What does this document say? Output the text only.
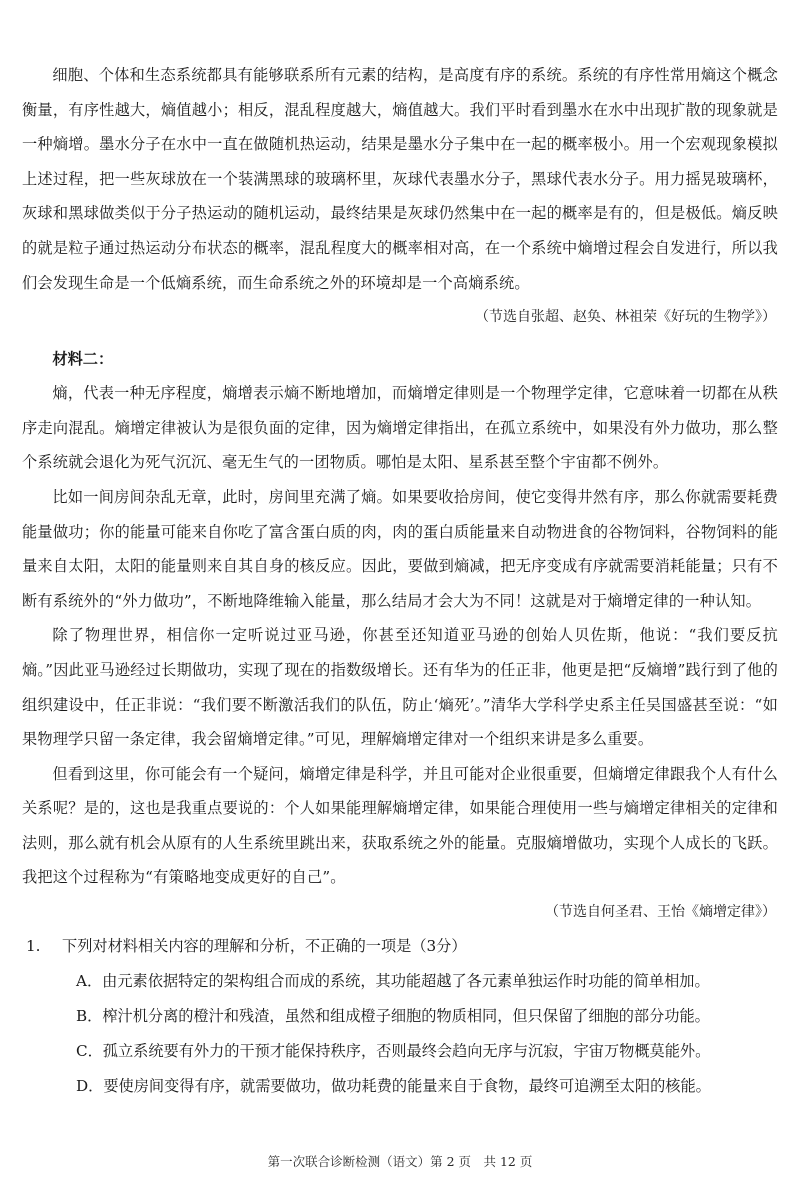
细胞、个体和生态系统都具有能够联系所有元素的结构，是高度有序的系统。系统的有序性常用熵这个概念衡量，有序性越大，熵值越小；相反，混乱程度越大，熵值越大。我们平时看到墨水在水中出现扩散的现象就是一种熵增。墨水分子在水中一直在做随机热运动，结果是墨水分子集中在一起的概率极小。用一个宏观现象模拟上述过程，把一些灰球放在一个装满黑球的玻璃杯里，灰球代表墨水分子，黑球代表水分子。用力摇晃玻璃杯，灰球和黑球做类似于分子热运动的随机运动，最终结果是灰球仍然集中在一起的概率是有的，但是极低。熵反映的就是粒子通过热运动分布状态的概率，混乱程度大的概率相对高，在一个系统中熵增过程会自发进行，所以我们会发现生命是一个低熵系统，而生命系统之外的环境却是一个高熵系统。

（节选自张超、赵奂、林祖荣《好玩的生物学》）

材料二：

熵，代表一种无序程度，熵增表示熵不断地增加，而熵增定律则是一个物理学定律，它意味着一切都在从秩序走向混乱。熵增定律被认为是很负面的定律，因为熵增定律指出，在孤立系统中，如果没有外力做功，那么整个系统就会退化为死气沉沉、毫无生气的一团物质。哪怕是太阳、星系甚至整个宇宙都不例外。

比如一间房间杂乱无章，此时，房间里充满了熵。如果要收拾房间，使它变得井然有序，那么你就需要耗费能量做功；你的能量可能来自你吃了富含蛋白质的肉，肉的蛋白质能量来自动物进食的谷物饲料，谷物饲料的能量来自太阳，太阳的能量则来自其自身的核反应。因此，要做到熵减，把无序变成有序就需要消耗能量；只有不断有系统外的“外力做功”，不断地降维输入能量，那么结局才会大为不同！这就是对于熵增定律的一种认知。

除了物理世界，相信你一定听说过亚马逊，你甚至还知道亚马逊的创始人贝佐斯，他说：“我们要反抗熵。”因此亚马逊经过长期做功，实现了现在的指数级增长。还有华为的任正非，他更是把“反熵增”践行到了他的组织建设中，任正非说：“我们要不断激活我们的队伍，防止‘熵死’。”清华大学科学史系主任吴国盛甚至说：“如果物理学只留一条定律，我会留熵增定律。”可见，理解熵增定律对一个组织来讲是多么重要。

但看到这里，你可能会有一个疑问，熵增定律是科学，并且可能对企业很重要，但熵增定律跟我个人有什么关系呢？是的，这也是我重点要说的：个人如果能理解熵增定律，如果能合理使用一些与熵增定律相关的定律和法则，那么就有机会从原有的人生系统里跳出来，获取系统之外的能量。克服熵增做功，实现个人成长的飞跃。我把这个过程称为“有策略地变成更好的自己”。

（节选自何圣君、王怡《熵增定律》）

1.	下列对材料相关内容的理解和分析，不正确的一项是（3分）

A．由元素依据特定的架构组合而成的系统，其功能超越了各元素单独运作时功能的简单相加。

B．榨汁机分离的橙汁和残渣，虽然和组成橙子细胞的物质相同，但只保留了细胞的部分功能。

C．孤立系统要有外力的干预才能保持秩序，否则最终会趋向无序与沉寂，宇宙万物概莫能外。

D．要使房间变得有序，就需要做功，做功耗费的能量来自于食物，最终可追溯至太阳的核能。

第一次联合诊断检测（语文）第 2 页　共 12 页
